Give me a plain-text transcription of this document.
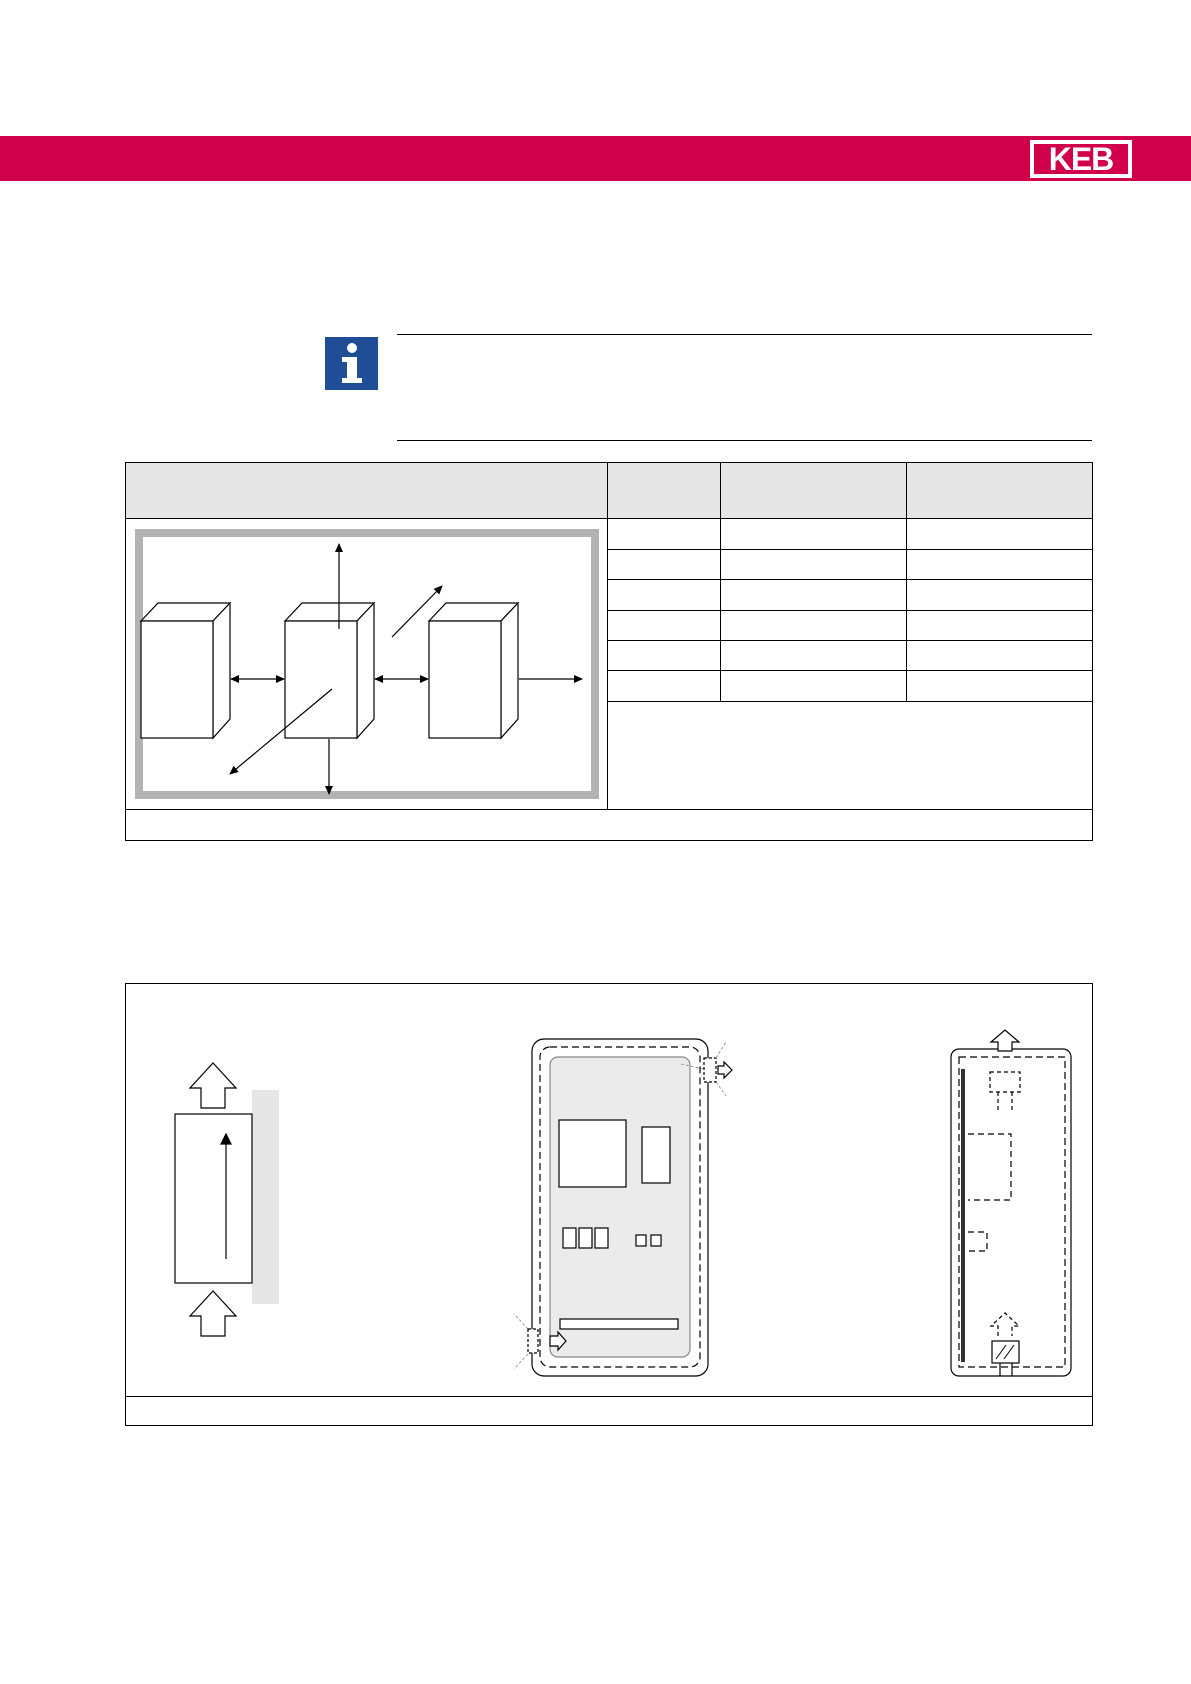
KEB
